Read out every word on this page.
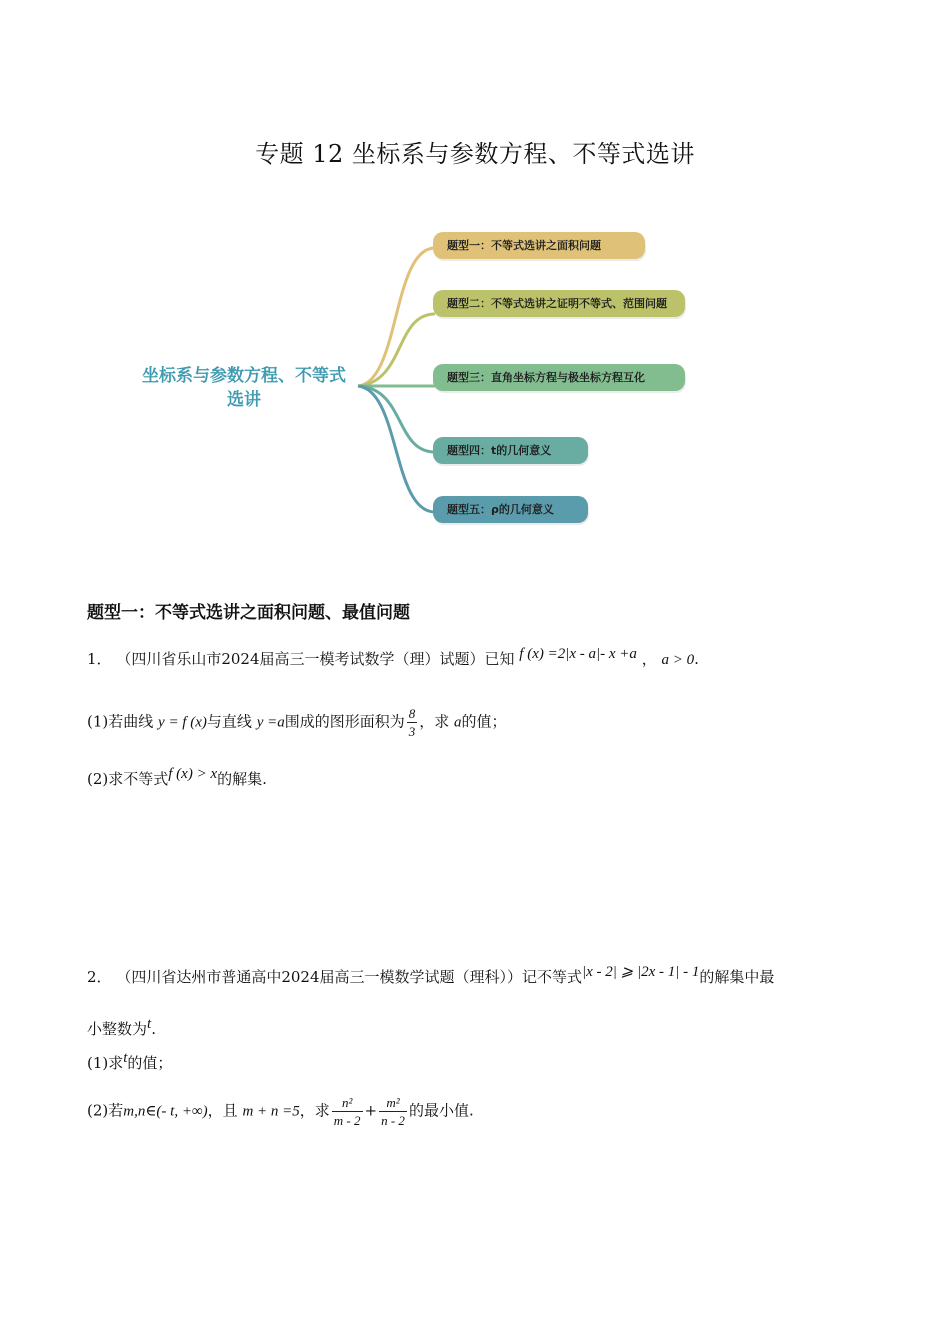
专题 12 坐标系与参数方程、不等式选讲
坐标系与参数方程、不等式选讲
题型一：不等式选讲之面积问题
题型二：不等式选讲之证明不等式、范围问题
题型三：直角坐标方程与极坐标方程互化
题型四：t的几何意义
题型五：ρ的几何意义
题型一：不等式选讲之面积问题、最值问题
1． （四川省乐山市2024届高三一模考试数学（理）试题）已知 f (x) =2|x - a|- x +a ， a > 0.
(1)若曲线 y = f (x)与直线 y =a围成的图形面积为 $\frac{8}{3}$ ，求 a的值；
(2)求不等式f (x) > x的解集.
2． （四川省达州市普通高中2024届高三一模数学试题（理科））记不等式|x - 2| ⩾ |2x - 1| - 1的解集中最
小整数为t.
(1)求t的值；
(2)若m,n∈(- t, +∞)，且 m + n =5，求 $\frac{\text{n²}}{m - 2} + \frac{\text{m²}}{n - 2}$ 的最小值.
